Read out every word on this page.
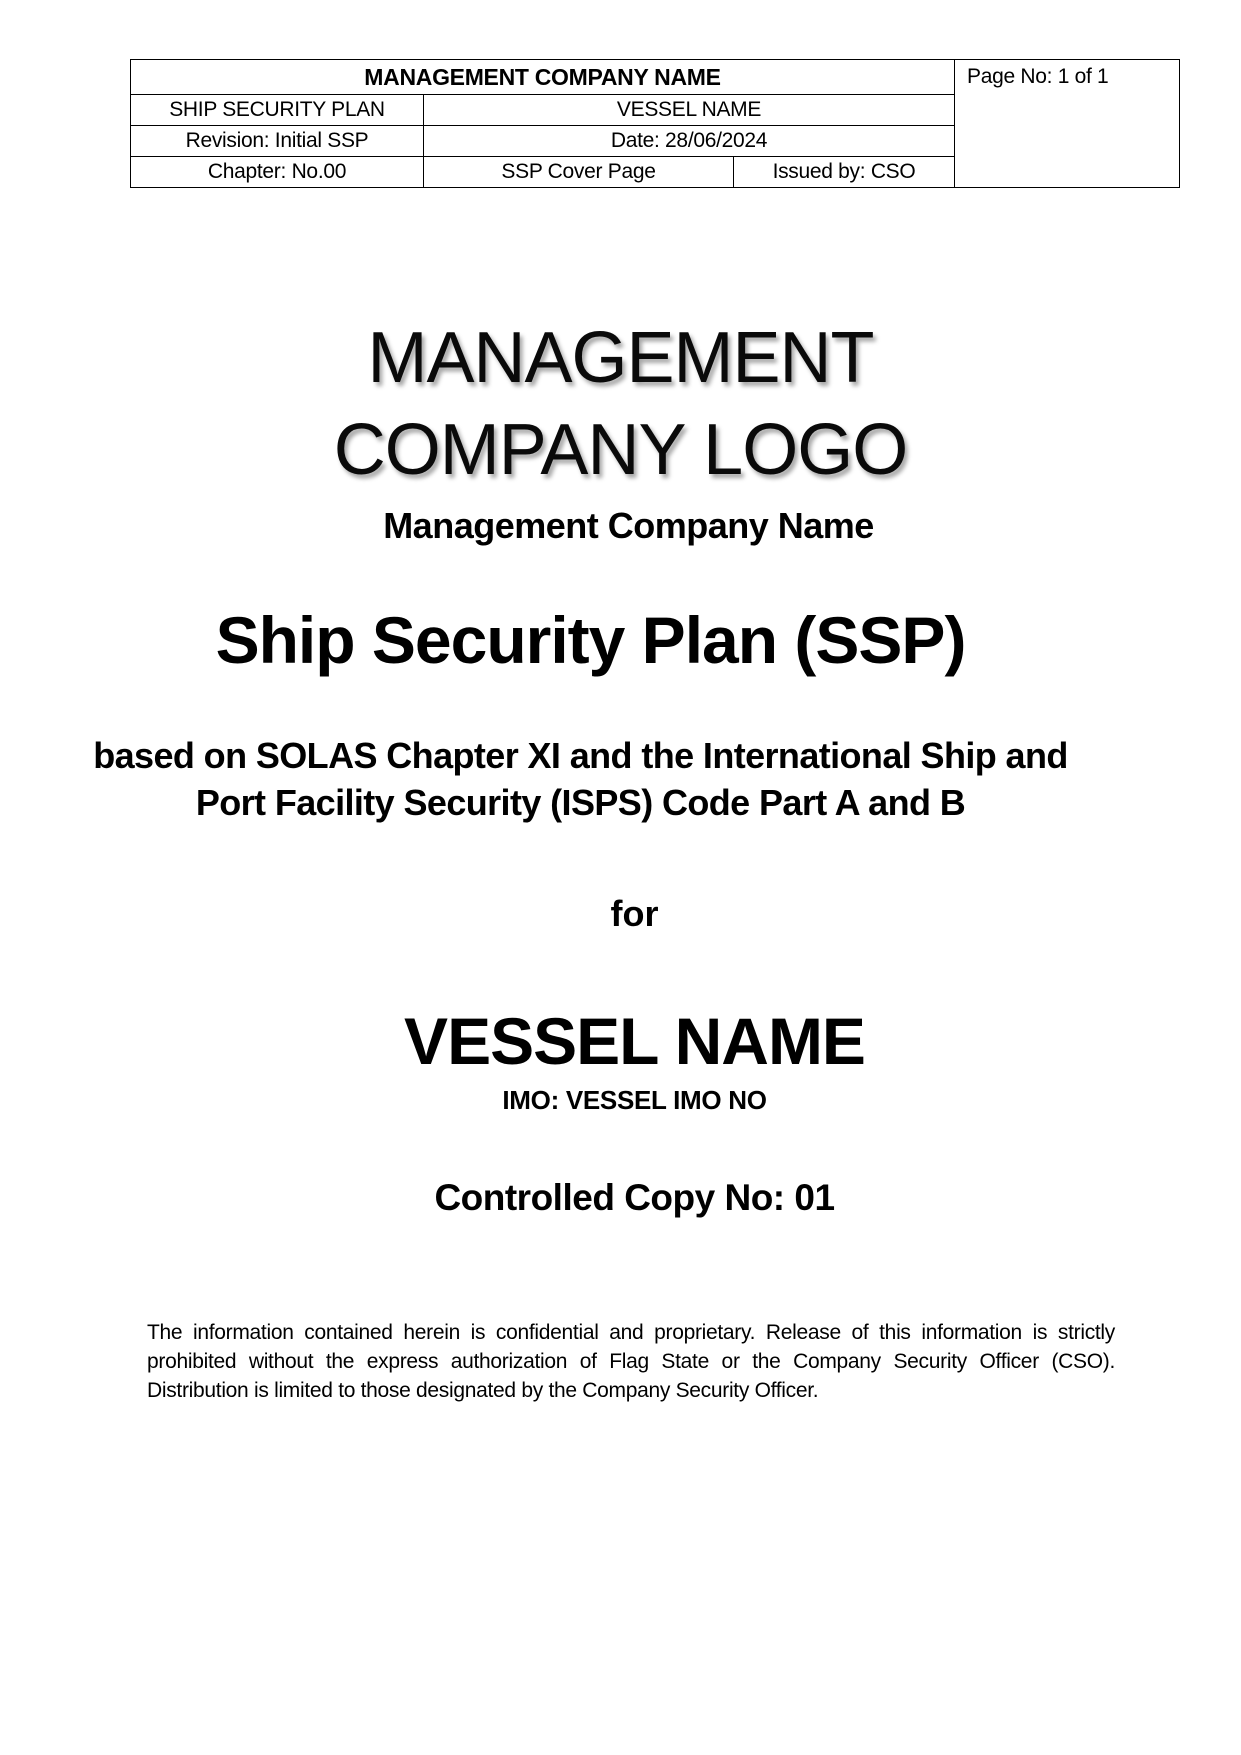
MANAGEMENT COMPANY NAME			Page No: 1 of 1
SHIP SECURITY PLAN	VESSEL NAME		
Revision: Initial SSP	Date: 28/06/2024		
Chapter: No.00	SSP Cover Page	Issued by: CSO	
MANAGEMENT
COMPANY LOGO
Management Company Name
Ship Security Plan (SSP)
based on SOLAS Chapter XI and the International Ship and
Port Facility Security (ISPS) Code Part A and B
for
VESSEL NAME
IMO: VESSEL IMO NO
Controlled Copy No: 01
The information contained herein is confidential and proprietary. Release of this information is strictly prohibited without the express authorization of Flag State or the Company Security Officer (CSO). Distribution is limited to those designated by the Company Security Officer.
